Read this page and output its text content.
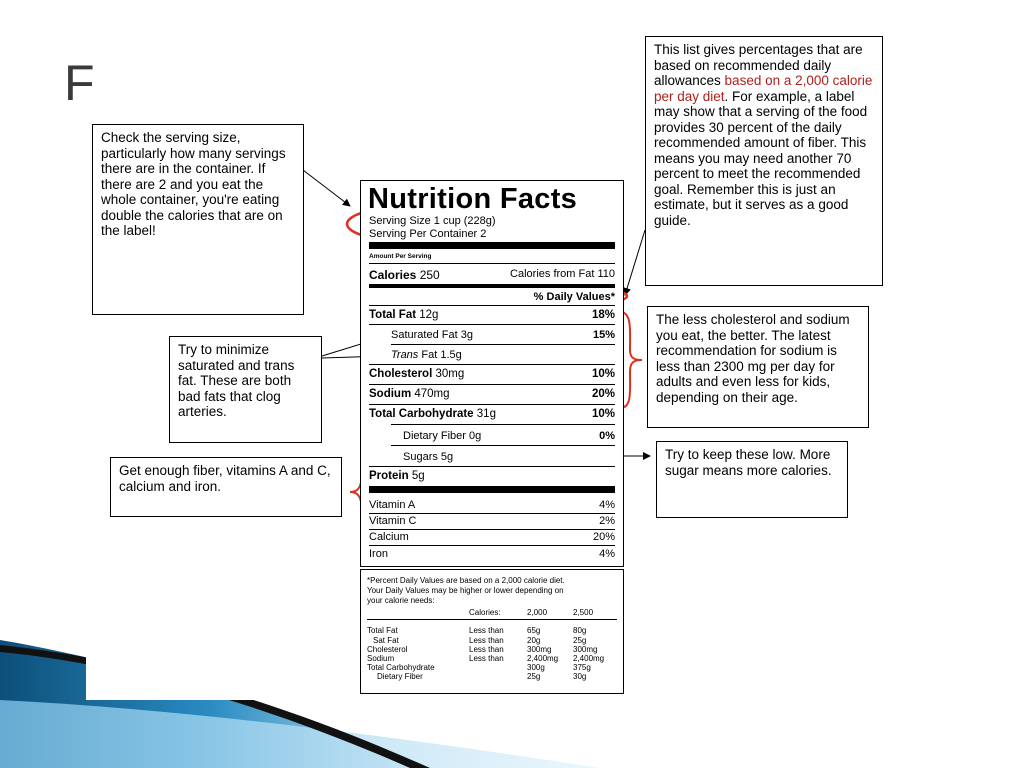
F
Nutrition Facts
Serving Size 1 cup (228g)
Serving Per Container 2
Amount Per Serving
Calories 250	Calories from Fat 110
% Daily Values*
Total Fat 12g	18%
Saturated Fat 3g	15%
Trans Fat 1.5g
Cholesterol 30mg	10%
Sodium 470mg	20%
Total Carbohydrate 31g	10%
Dietary Fiber 0g	0%
Sugars 5g
Protein 5g
Vitamin A	4%
Vitamin C	2%
Calcium	20%
Iron	4%
*Percent Daily Values are based on a 2,000 calorie diet.
Your Daily Values may be higher or lower depending on
your calorie needs:
Calories:	2,000	2,500
Total Fat	Less than	65g	80g
Sat Fat	Less than	20g	25g
Cholesterol	Less than	300mg	300mg
Sodium	Less than	2,400mg 2,400mg
Total Carbohydrate	300g	375g
Dietary Fiber	25g	30g
Check the serving size, particularly how many servings there are in the container. If there are 2 and you eat the whole container, you're eating double the calories that are on the label!
This list gives percentages that are based on recommended daily allowances based on a 2,000 calorie per day diet. For example, a label may show that a serving of the food provides 30 percent of the daily recommended amount of fiber. This means you may need another 70 percent to meet the recommended goal. Remember this is just an estimate, but it serves as a good guide.
Try to minimize saturated and trans fat. These are both bad fats that clog arteries.
The less cholesterol and sodium you eat, the better. The latest recommendation for sodium is less than 2300 mg per day for adults and even less for kids, depending on their age.
Get enough fiber, vitamins A and C, calcium and iron.
Try to keep these low. More sugar means more calories.
